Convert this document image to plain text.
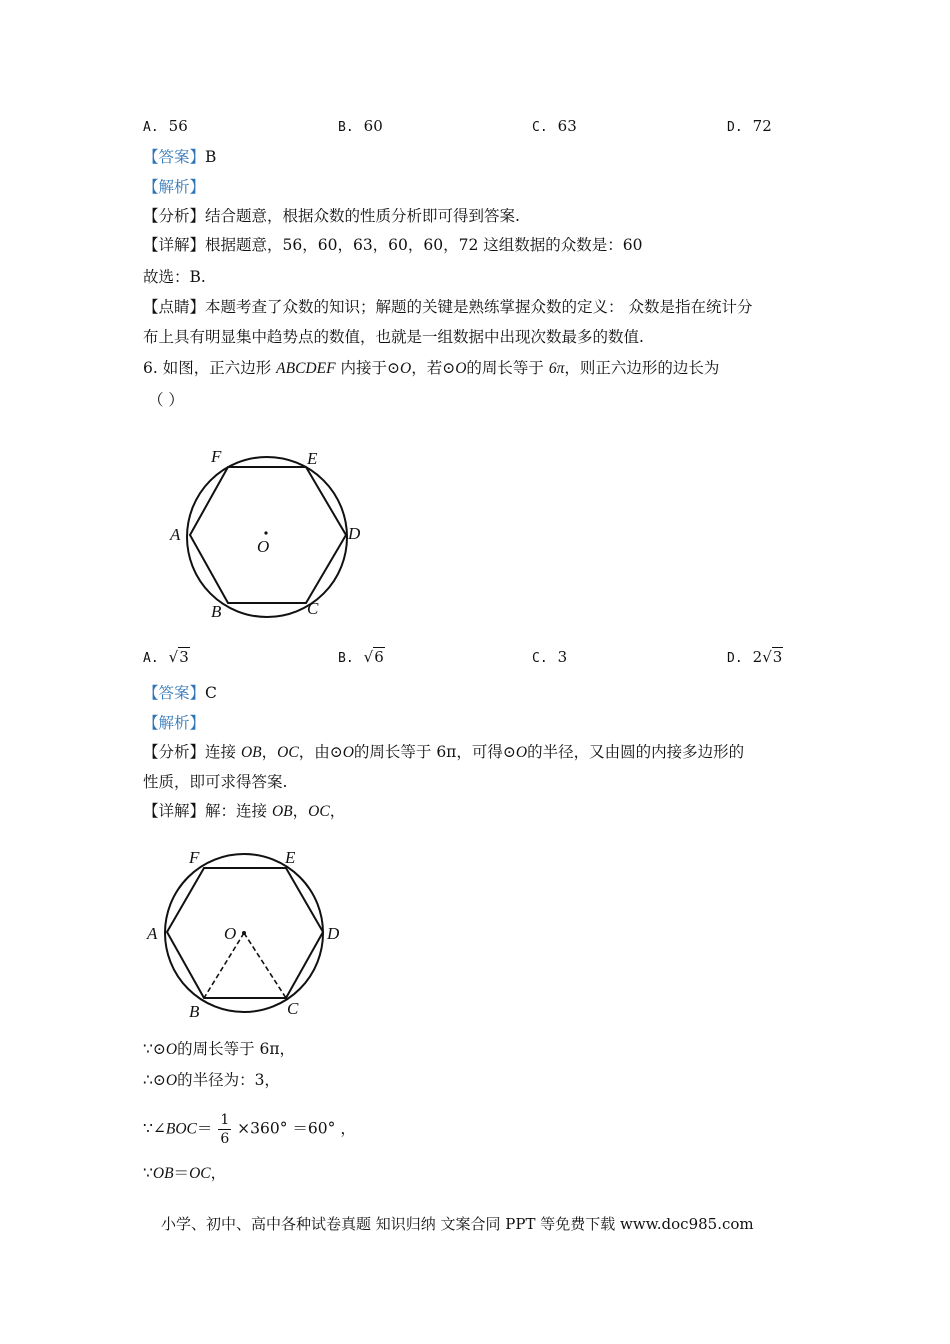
A. 56	B. 60	C. 63	D. 72
【答案】B
【解析】
【分析】结合题意，根据众数的性质分析即可得到答案.
【详解】根据题意，56，60，63，60，60，72 这组数据的众数是：60
故选：B.
【点睛】本题考查了众数的知识；解题的关键是熟练掌握众数的定义： 众数是指在统计分
布上具有明显集中趋势点的数值，也就是一组数据中出现次数最多的数值.
6. 如图，正六边形 ABCDEF 内接于⊙O，若⊙O的周长等于 6π，则正六边形的边长为
（ ）
F	E
A
O
D
B	C
A. √3	B. √6	C. 3	D. 2√3
【答案】C
【解析】
【分析】连接 OB，OC，由⊙O的周长等于 6π，可得⊙O的半径，又由圆的内接多边形的
性质，即可求得答案.
【详解】解：连接 OB，OC，
F	E
A	O	D
B	C
∵⊙O的周长等于 6π，
∴⊙O的半径为：3，
∵∠BOC＝ $\frac{1}{6} \times 360^\circ =60^\circ$ ，
∵OB＝OC，
小学、初中、高中各种试卷真题 知识归纳 文案合同 PPT 等免费下载 www.doc985.com
